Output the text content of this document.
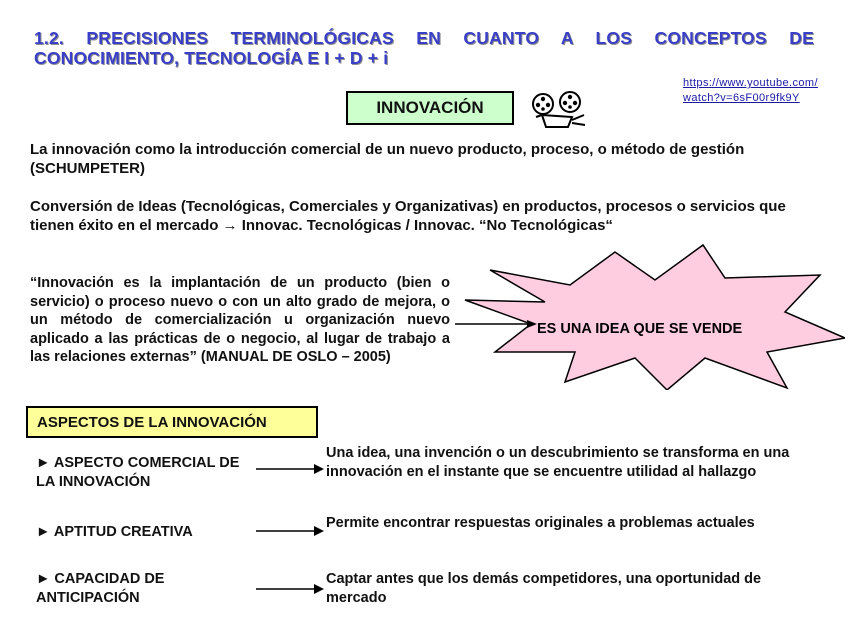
1.2. PRECISIONES TERMINOLÓGICAS EN CUANTO A LOS CONCEPTOS DE CONOCIMIENTO, TECNOLOGÍA E I + D + i
https://www.youtube.com/watch?v=6sF00r9fk9Y
INNOVACIÓN
La innovación como la introducción comercial de un nuevo producto, proceso, o método de gestión (SCHUMPETER)
Conversión de Ideas (Tecnológicas, Comerciales y Organizativas) en productos, procesos o servicios que tienen éxito en el mercado → Innovac. Tecnológicas / Innovac. “No Tecnológicas“
“Innovación es la implantación de un producto (bien o servicio) o proceso nuevo o con un alto grado de mejora, o un método de comercialización u organización nuevo aplicado a las prácticas de o negocio, al lugar de trabajo a las relaciones externas” (MANUAL DE OSLO – 2005)
ES UNA IDEA QUE SE VENDE
ASPECTOS DE LA INNOVACIÓN
► ASPECTO COMERCIAL DE LA INNOVACIÓN
Una idea, una invención o un descubrimiento se transforma en una innovación en el instante que se encuentre utilidad al hallazgo
► APTITUD CREATIVA
Permite encontrar respuestas originales a problemas actuales
► CAPACIDAD DE ANTICIPACIÓN
Captar antes que los demás competidores, una oportunidad de mercado
